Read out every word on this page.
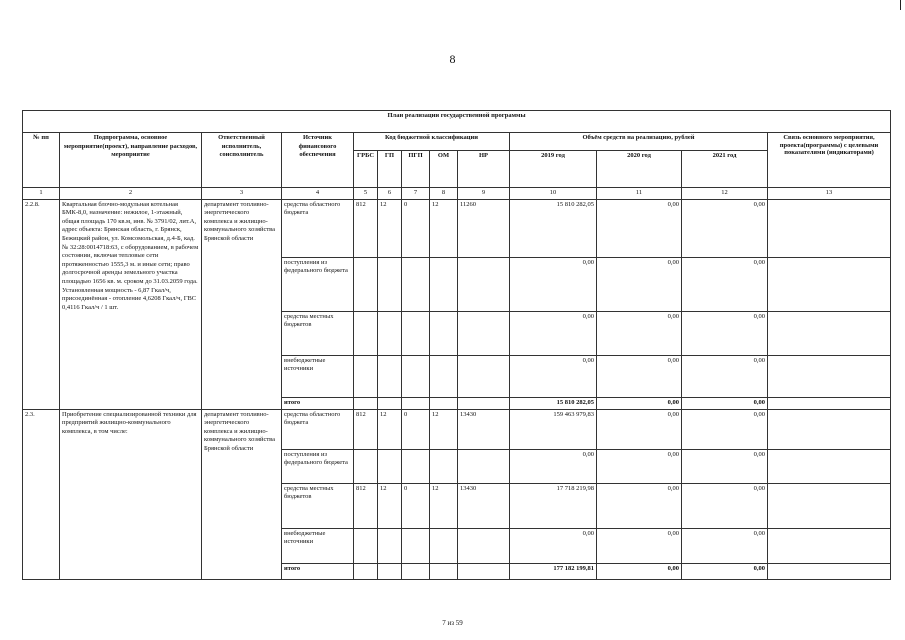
8
План реализации государственной программы												
№ пп	Подпрограмма, основное мероприятие(проект), направление расходов, мероприятие	Ответственный исполнитель, соисполнитель	Источник финансового обеспечения	Код бюджетной классификации					Объём средств на реализацию, рублей			Связь основного мероприятия, проекта(программы) с целевыми показателями (индикаторами)
				ГРБС	ГП	ПГП	ОМ	НР	2019 год	2020 год	2021 год	
1	2	3	4	5	6	7	8	9	10	11	12	13
2.2.8.	Квартальная блочно-модульная котельная БМК-8,0, назначение: нежилое, 1-этажный, общая площадь 170 кв.м, инв. № 3791/02, лит.А, адрес объекта: Брянская область, г. Брянск, Бежицкий район, ул. Комсомольская, д.4-Б, кад. № 32:28:0014718:63, с оборудованием, в рабочем состоянии, включая тепловые сети протяженностью 1555,3 м. и иные сети; право долгосрочной аренды земельного участка площадью 1656 кв. м. сроком до 31.03.2059 года. Установленная мощность - 6,87 Гкал/ч, присоединённая - отопление 4,6208 Гкал/ч, ГВС 0,4116 Гкал/ч / 1 шт.	департамент топливно-энергетического комплекса и жилищно-коммунального хозяйства Брянской области	средства областного бюджета	812	12	0	12	11260	15 810 282,05	0,00	0,00	
			поступления из федерального бюджета						0,00	0,00	0,00	
			средства местных бюджетов						0,00	0,00	0,00	
			внебюджетные источники						0,00	0,00	0,00	
			итого						15 810 282,05	0,00	0,00	
2.3.	Приобретение специализированной техники для предприятий жилищно-коммунального комплекса, в том числе:	департамент топливно-энергетического комплекса и жилищно-коммунального хозяйства Брянской области	средства областного бюджета	812	12	0	12	13430	159 463 979,83	0,00	0,00	
			поступления из федерального бюджета						0,00	0,00	0,00	
			средства местных бюджетов	812	12	0	12	13430	17 718 219,98	0,00	0,00	
			внебюджетные источники						0,00	0,00	0,00	
			итого						177 182 199,81	0,00	0,00	
7 из 59
